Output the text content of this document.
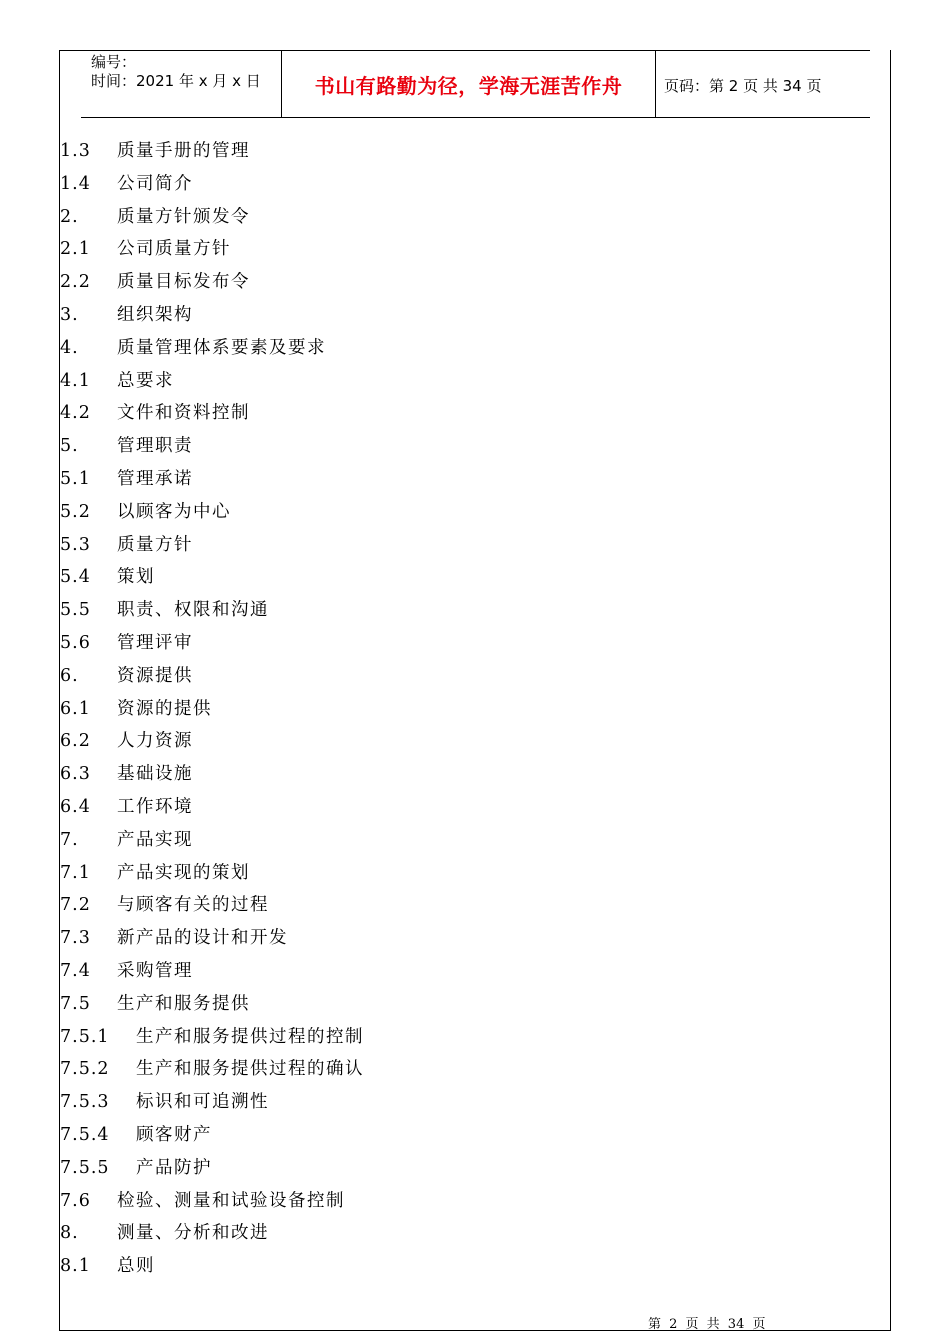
编号：
时间：2021 年 x 月 x 日	书山有路勤为径，学海无涯苦作舟	页码：第 2 页 共 34 页
1.3 质量手册的管理
1.4 公司简介
2. 质量方针颁发令
2.1 公司质量方针
2.2 质量目标发布令
3. 组织架构
4. 质量管理体系要素及要求
4.1 总要求
4.2 文件和资料控制
5. 管理职责
5.1 管理承诺
5.2 以顾客为中心
5.3 质量方针
5.4 策划
5.5 职责、权限和沟通
5.6 管理评审
6. 资源提供
6.1 资源的提供
6.2 人力资源
6.3 基础设施
6.4 工作环境
7. 产品实现
7.1 产品实现的策划
7.2 与顾客有关的过程
7.3 新产品的设计和开发
7.4 采购管理
7.5 生产和服务提供
7.5.1 生产和服务提供过程的控制
7.5.2 生产和服务提供过程的确认
7.5.3 标识和可追溯性
7.5.4 顾客财产
7.5.5 产品防护
7.6 检验、测量和试验设备控制
8. 测量、分析和改进
8.1 总则
第 2 页 共 34 页
